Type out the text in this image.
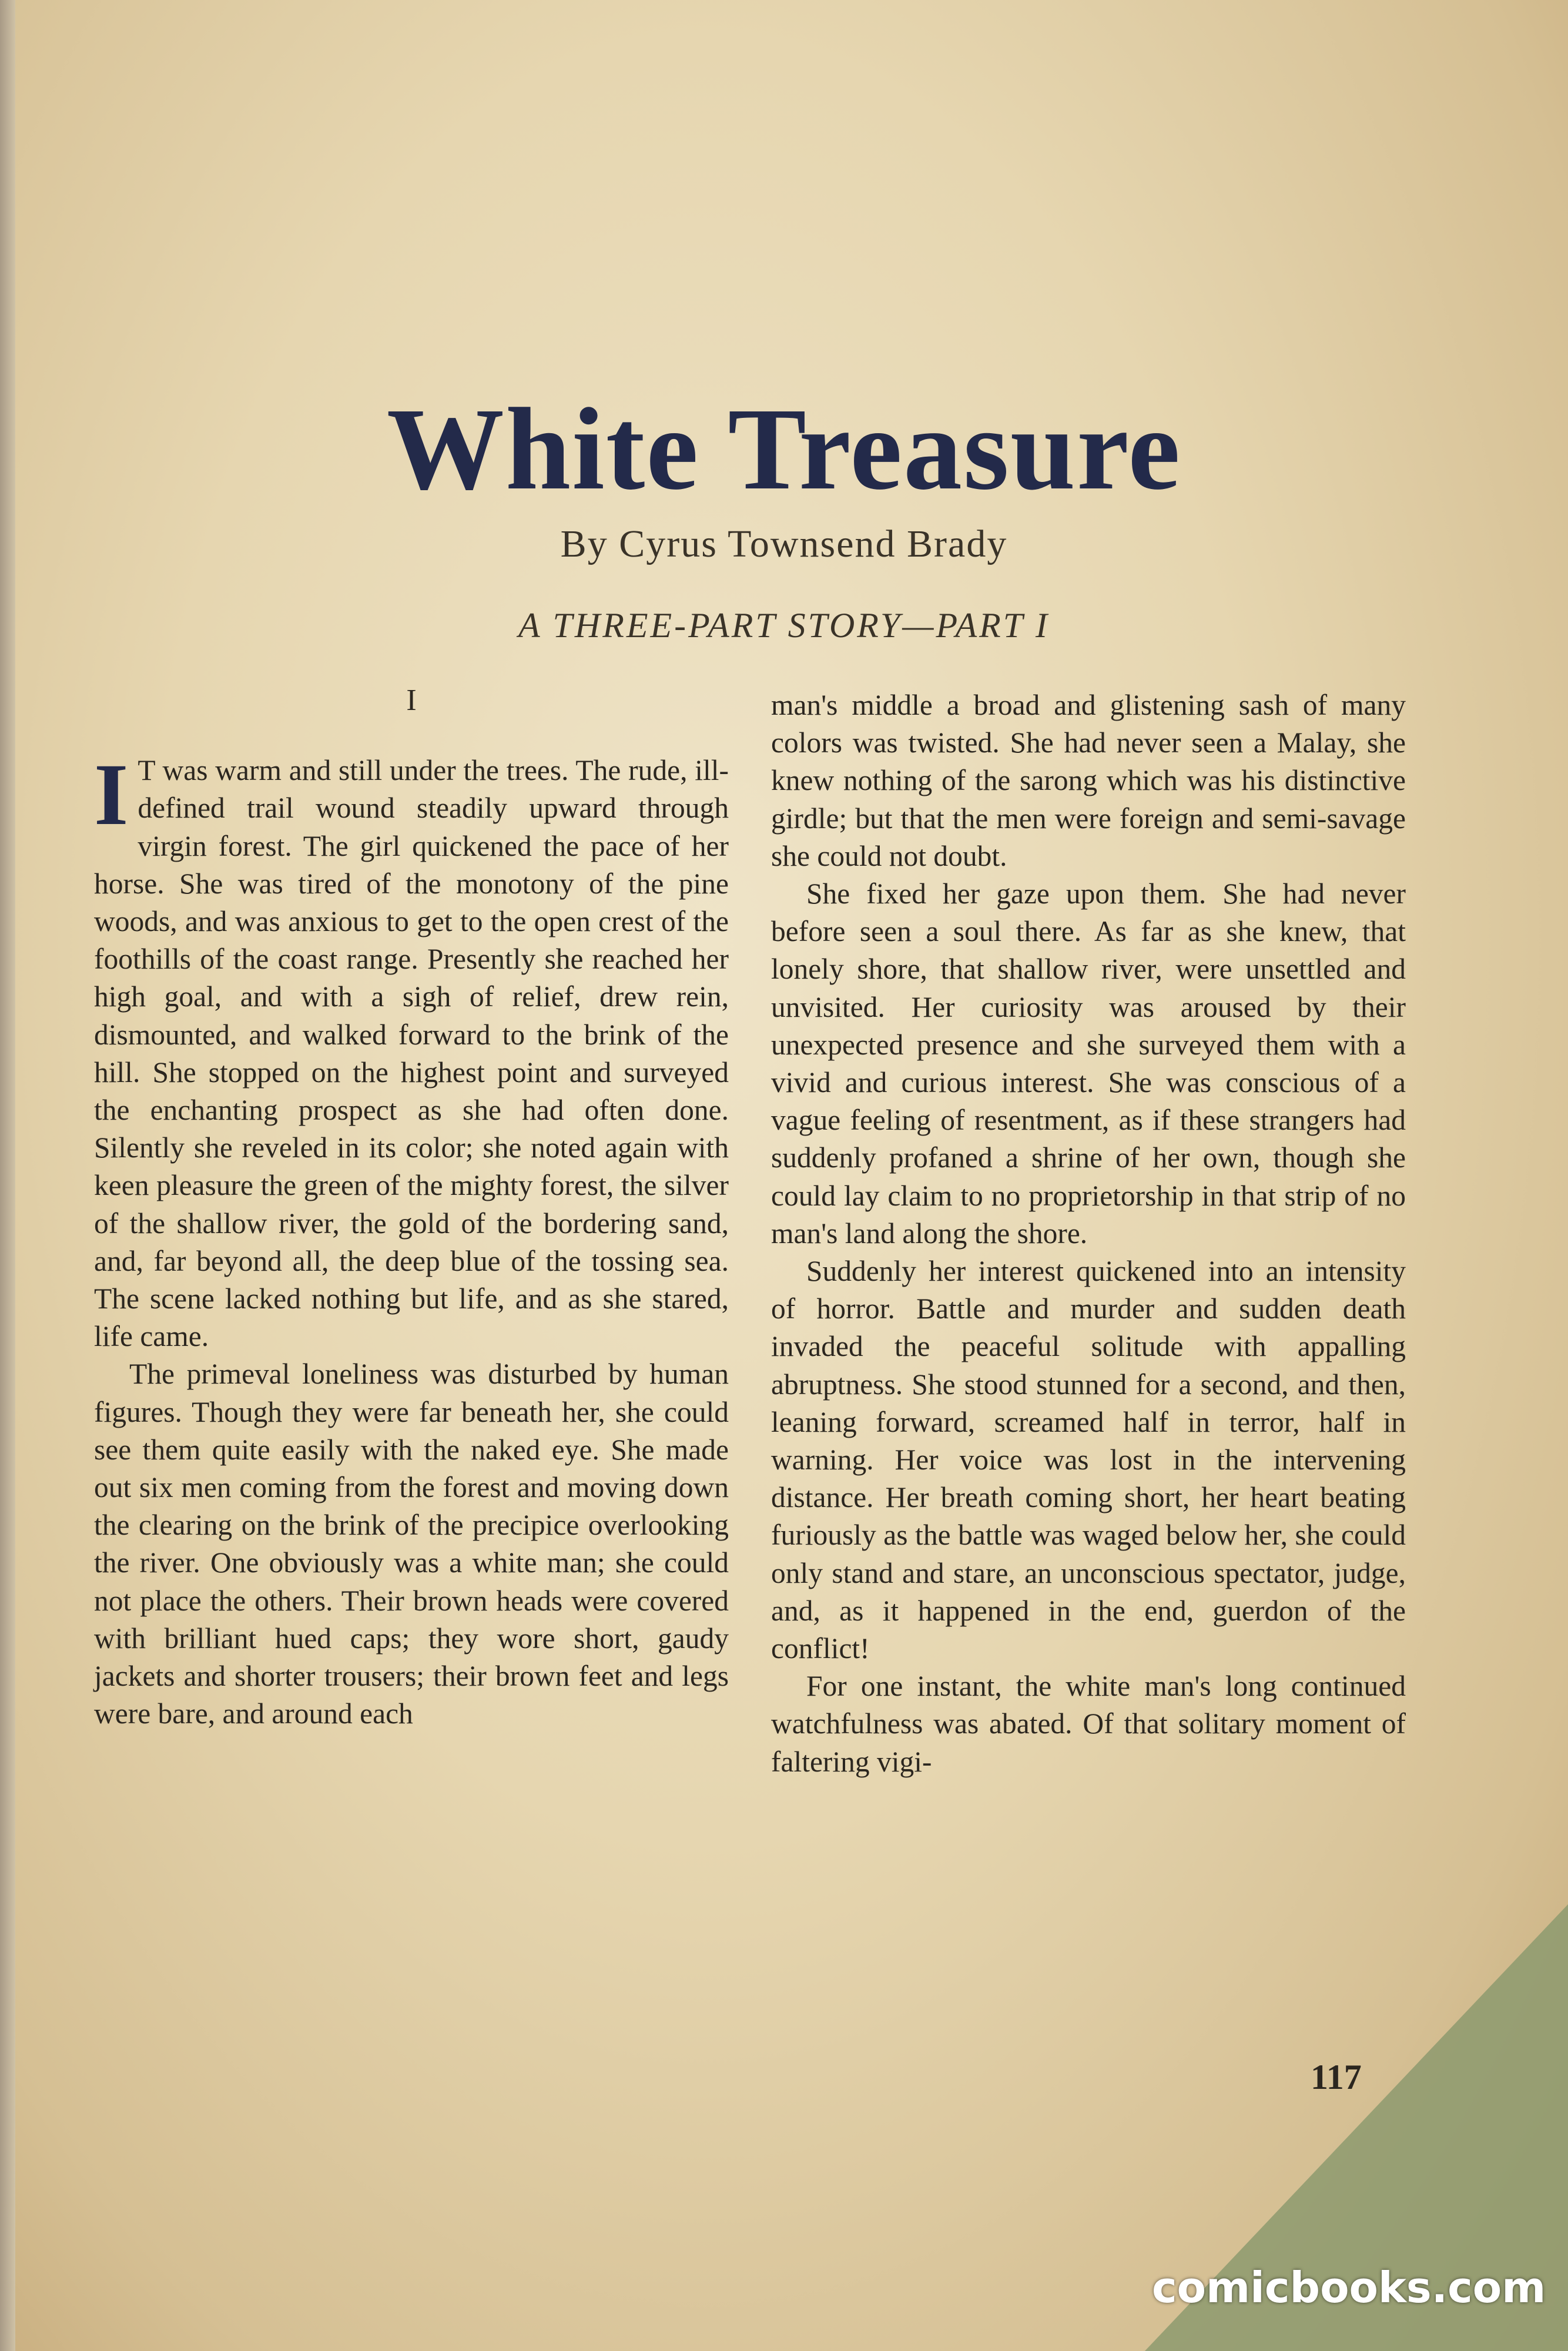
White Treasure
By Cyrus Townsend Brady
A THREE-PART STORY—PART I
I

I T was warm and still under the trees. The rude, ill-defined trail wound steadily upward through virgin forest. The girl quickened the pace of her horse. She was tired of the monotony of the pine woods, and was anxious to get to the open crest of the foothills of the coast range. Presently she reached her high goal, and with a sigh of relief, drew rein, dismounted, and walked forward to the brink of the hill. She stopped on the highest point and surveyed the enchanting prospect as she had often done. Silently she reveled in its color; she noted again with keen pleasure the green of the mighty forest, the silver of the shallow river, the gold of the bordering sand, and, far beyond all, the deep blue of the tossing sea. The scene lacked nothing but life, and as she stared, life came.

The primeval loneliness was disturbed by human figures. Though they were far beneath her, she could see them quite easily with the naked eye. She made out six men coming from the forest and moving down the clearing on the brink of the precipice overlooking the river. One obviously was a white man; she could not place the others. Their brown heads were covered with brilliant hued caps; they wore short, gaudy jackets and shorter trousers; their brown feet and legs were bare, and around each

man's middle a broad and glistening sash of many colors was twisted. She had never seen a Malay, she knew nothing of the sarong which was his distinctive girdle; but that the men were foreign and semi-savage she could not doubt.

She fixed her gaze upon them. She had never before seen a soul there. As far as she knew, that lonely shore, that shallow river, were unsettled and unvisited. Her curiosity was aroused by their unexpected presence and she surveyed them with a vivid and curious interest. She was conscious of a vague feeling of resentment, as if these strangers had suddenly profaned a shrine of her own, though she could lay claim to no proprietorship in that strip of no man's land along the shore.

Suddenly her interest quickened into an intensity of horror. Battle and murder and sudden death invaded the peaceful solitude with appalling abruptness. She stood stunned for a second, and then, leaning forward, screamed half in terror, half in warning. Her voice was lost in the intervening distance. Her breath coming short, her heart beating furiously as the battle was waged below her, she could only stand and stare, an unconscious spectator, judge, and, as it happened in the end, guerdon of the conflict!

For one instant, the white man's long continued watchfulness was abated. Of that solitary moment of faltering vigi-

117
comicbooks.com
